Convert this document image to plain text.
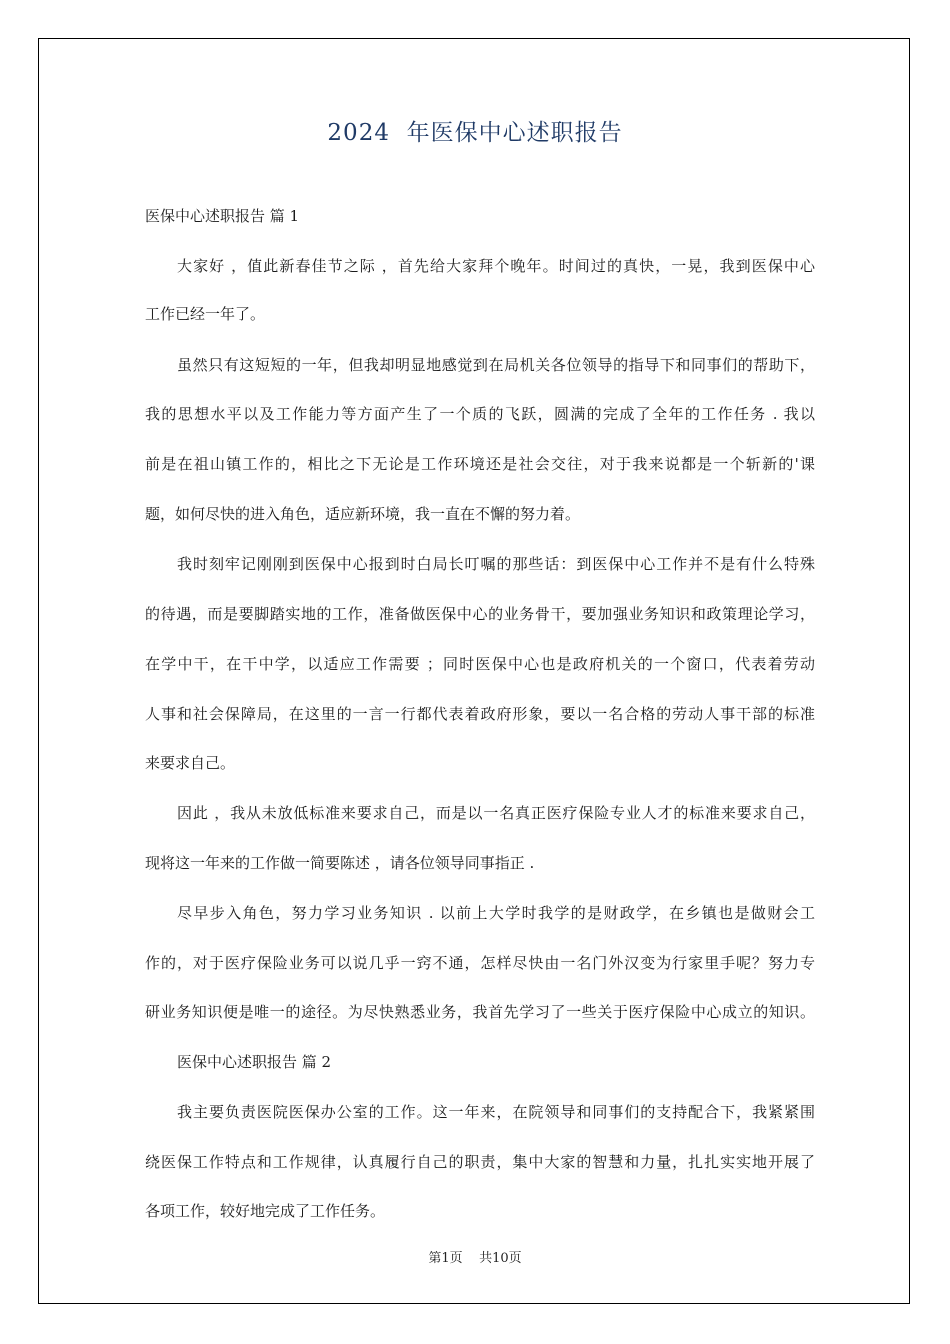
2024  年医保中心述职报告
医保中心述职报告 篇 1
大家好 ，值此新春佳节之际 ，首先给大家拜个晚年。时间过的真快，一晃，我到医保中心
工作已经一年了。
虽然只有这短短的一年，但我却明显地感觉到在局机关各位领导的指导下和同事们的帮助下，
我的思想水平以及工作能力等方面产生了一个质的飞跃，圆满的完成了全年的工作任务 . 我以
前是在祖山镇工作的，相比之下无论是工作环境还是社会交往，对于我来说都是一个斩新的'课
题，如何尽快的进入角色，适应新环境，我一直在不懈的努力着。
我时刻牢记刚刚到医保中心报到时白局长叮嘱的那些话：到医保中心工作并不是有什么特殊
的待遇，而是要脚踏实地的工作，准备做医保中心的业务骨干，要加强业务知识和政策理论学习，
在学中干，在干中学，以适应工作需要 ；同时医保中心也是政府机关的一个窗口，代表着劳动
人事和社会保障局，在这里的一言一行都代表着政府形象，要以一名合格的劳动人事干部的标准
来要求自己。
因此 ，我从未放低标准来要求自己，而是以一名真正医疗保险专业人才的标准来要求自己，
现将这一年来的工作做一简要陈述 ，请各位领导同事指正 .
尽早步入角色，努力学习业务知识 . 以前上大学时我学的是财政学，在乡镇也是做财会工
作的，对于医疗保险业务可以说几乎一窍不通，怎样尽快由一名门外汉变为行家里手呢？努力专
研业务知识便是唯一的途径。为尽快熟悉业务，我首先学习了一些关于医疗保险中心成立的知识。
医保中心述职报告 篇 2
我主要负责医院医保办公室的工作。这一年来，在院领导和同事们的支持配合下，我紧紧围
绕医保工作特点和工作规律，认真履行自己的职责，集中大家的智慧和力量，扎扎实实地开展了
各项工作，较好地完成了工作任务。
第1页    共10页
